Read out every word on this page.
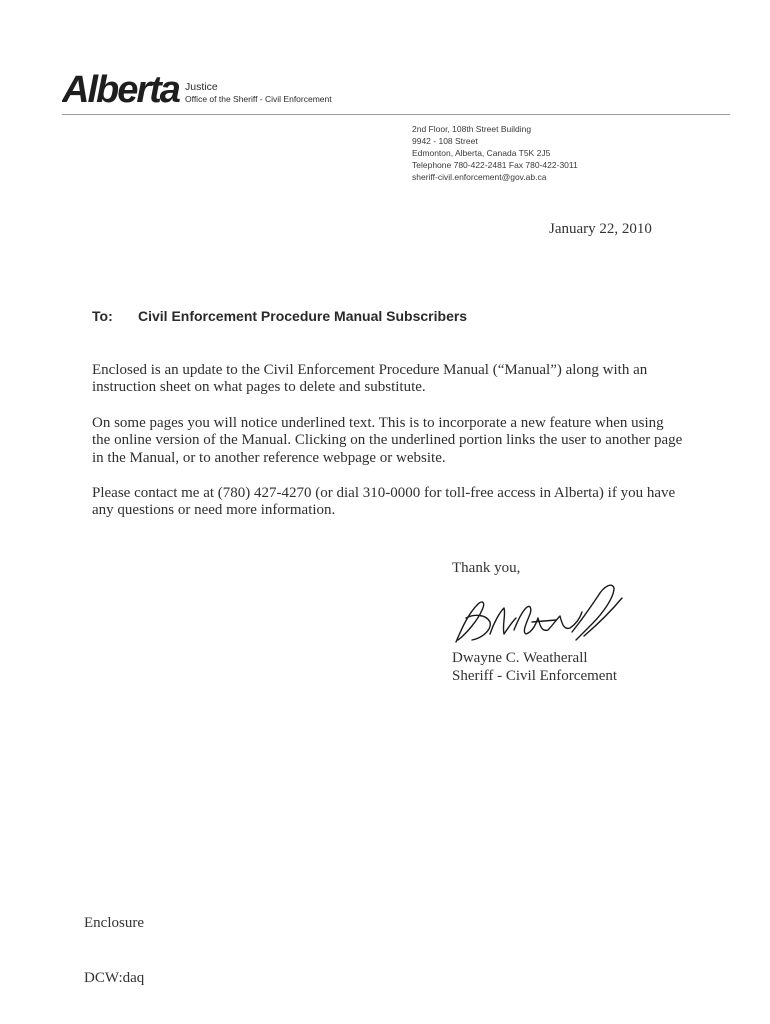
Alberta Justice
Office of the Sheriff - Civil Enforcement
2nd Floor, 108th Street Building
9942 - 108 Street
Edmonton, Alberta, Canada T5K 2J5
Telephone 780-422-2481 Fax 780-422-3011
sheriff-civil.enforcement@gov.ab.ca
January 22, 2010
To: Civil Enforcement Procedure Manual Subscribers

Enclosed is an update to the Civil Enforcement Procedure Manual (“Manual”) along with an instruction sheet on what pages to delete and substitute.

On some pages you will notice underlined text. This is to incorporate a new feature when using the online version of the Manual. Clicking on the underlined portion links the user to another page in the Manual, or to another reference webpage or website.

Please contact me at (780) 427-4270 (or dial 310-0000 for toll-free access in Alberta) if you have any questions or need more information.

Thank you,
Dwayne C. Weatherall
Sheriff - Civil Enforcement
Enclosure
DCW:daq
